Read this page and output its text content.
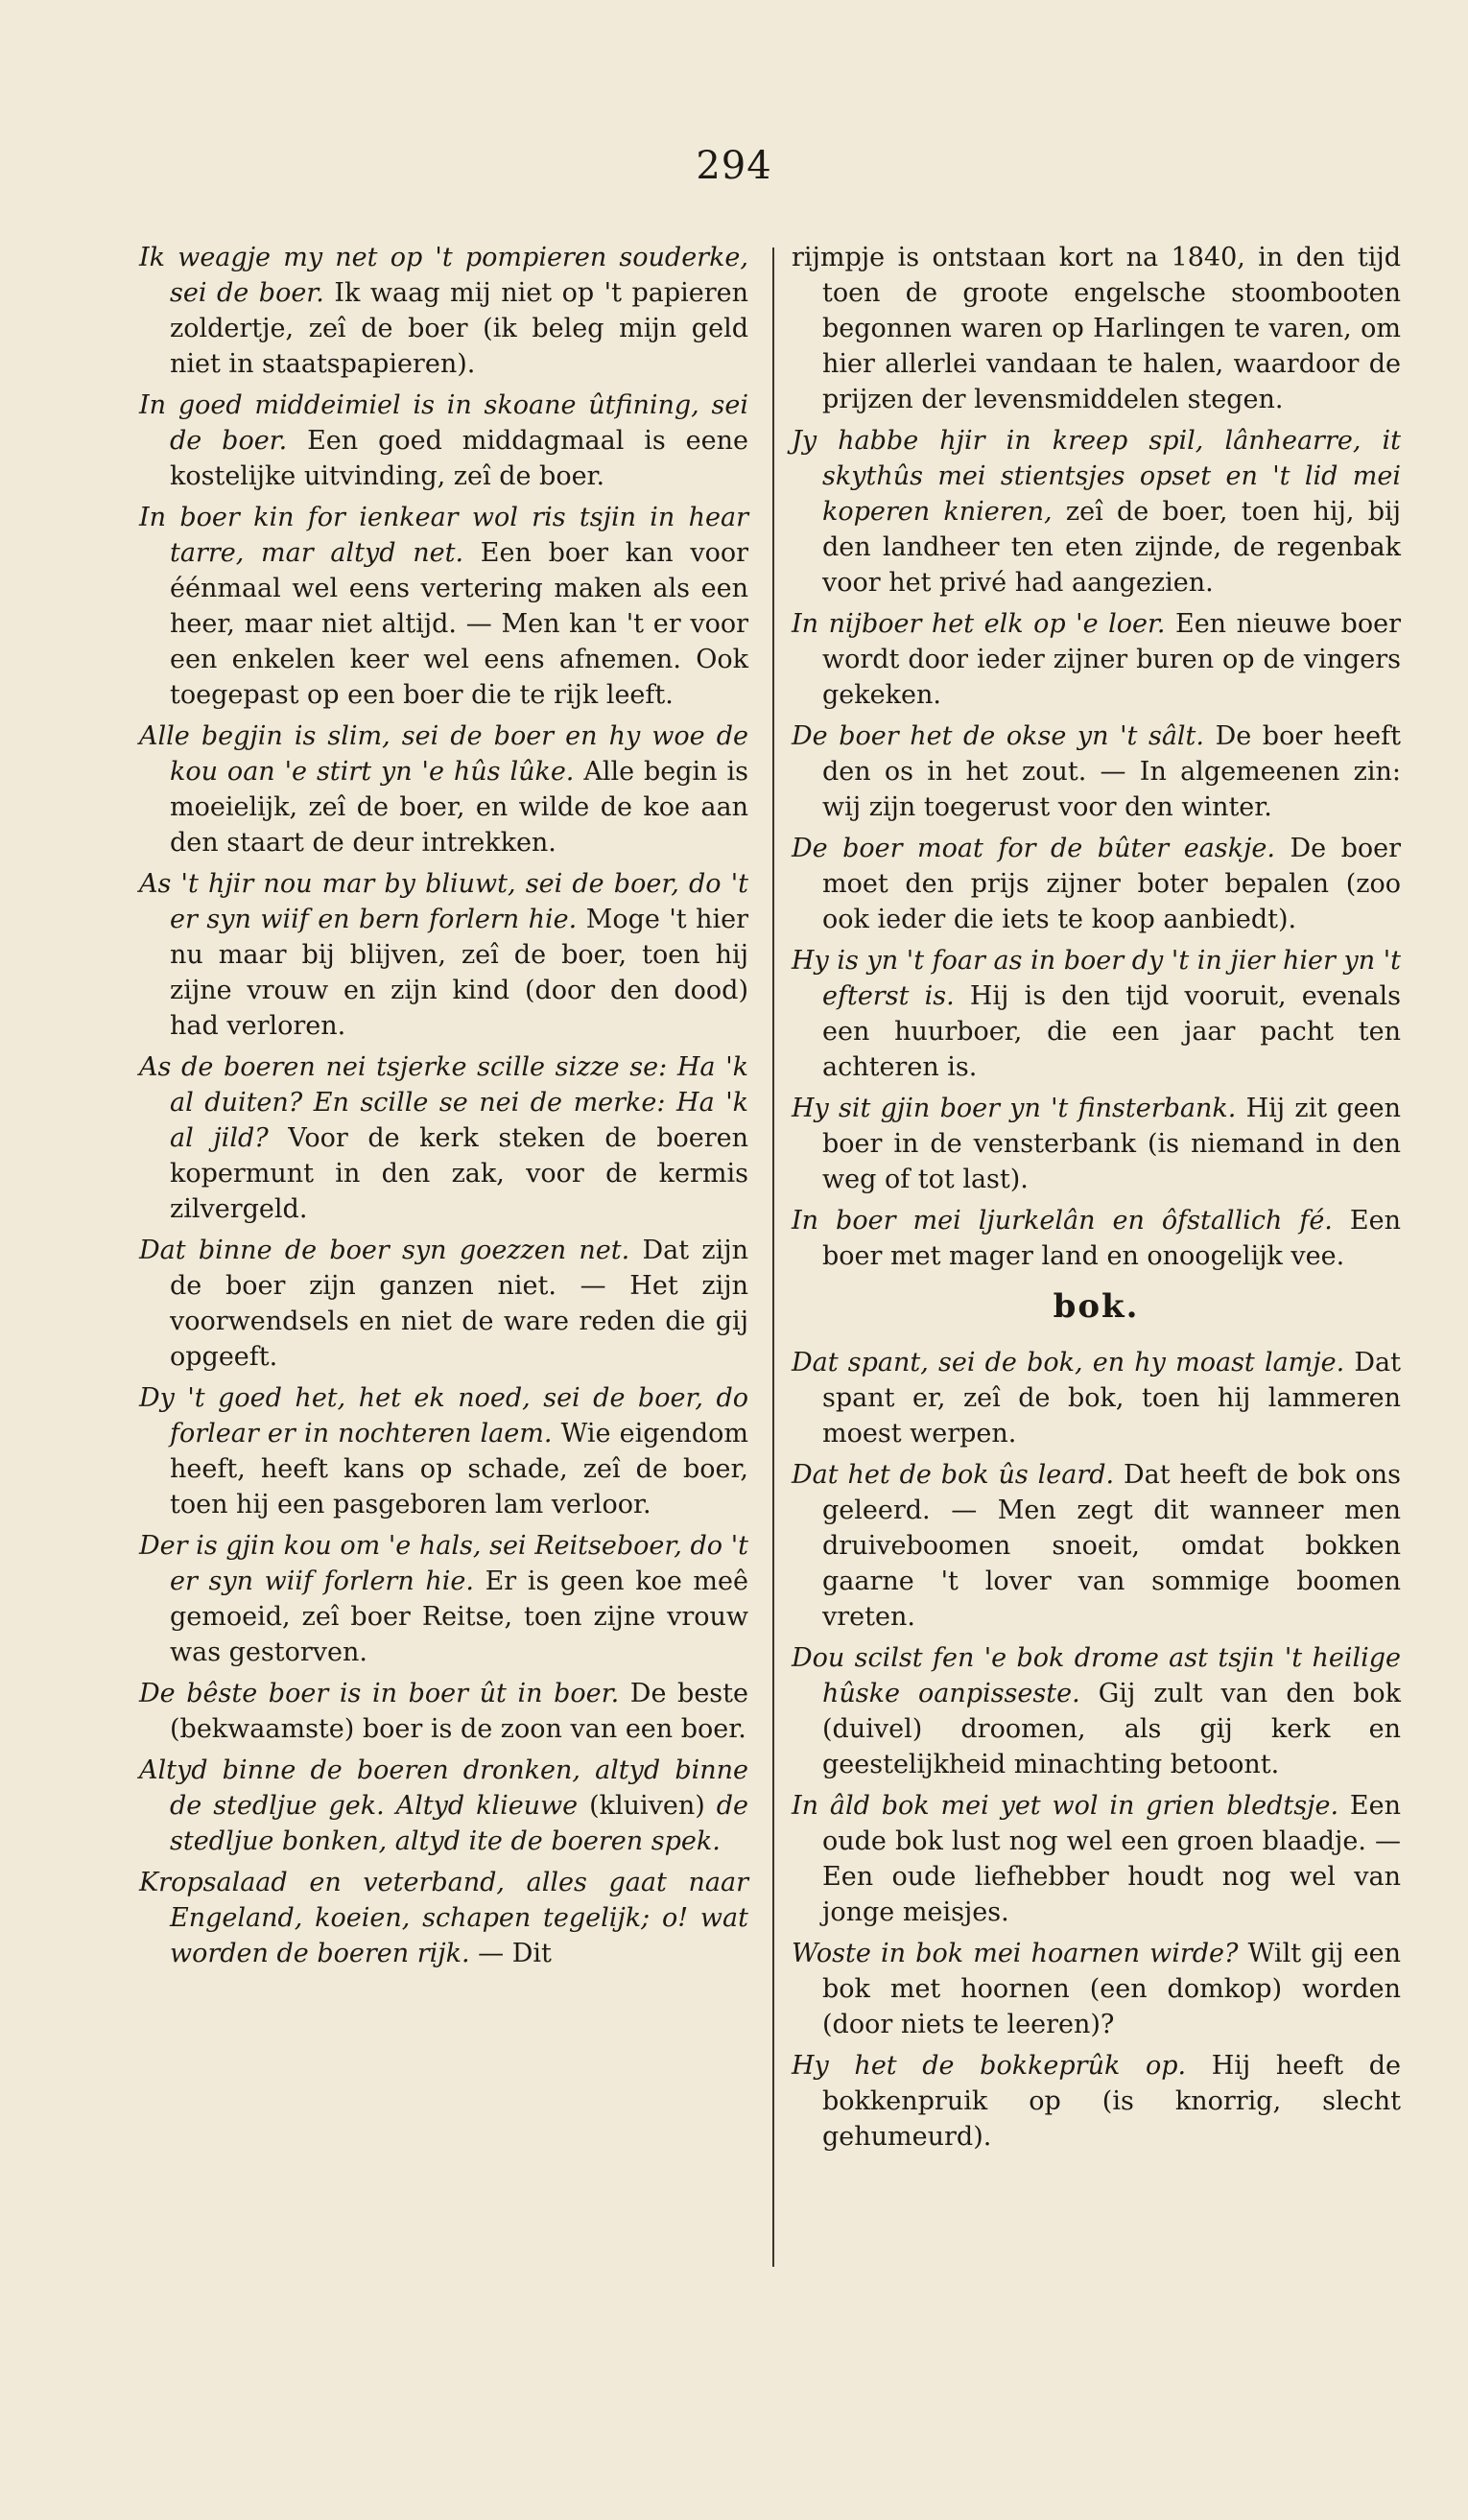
294
Ik weagje my net op 't pompieren souderke, sei de boer. Ik waag mij niet op 't papieren zoldertje, zeî de boer (ik beleg mijn geld niet in staatspapieren).
In goed middeimiel is in skoane ûtfining, sei de boer. Een goed middagmaal is eene kostelijke uitvinding, zeî de boer.
In boer kin for ienkear wol ris tsjin in hear tarre, mar altyd net. Een boer kan voor éénmaal wel eens vertering maken als een heer, maar niet altijd. — Men kan 't er voor een enkelen keer wel eens afnemen. Ook toegepast op een boer die te rijk leeft.
Alle begjin is slim, sei de boer en hy woe de kou oan 'e stirt yn 'e hûs lûke. Alle begin is moeielijk, zeî de boer, en wilde de koe aan den staart de deur intrekken.
As 't hjir nou mar by bliuwt, sei de boer, do 't er syn wiif en bern forlern hie. Moge 't hier nu maar bij blijven, zeî de boer, toen hij zijne vrouw en zijn kind (door den dood) had verloren.
As de boeren nei tsjerke scille sizze se: Ha 'k al duiten? En scille se nei de merke: Ha 'k al jild? Voor de kerk steken de boeren kopermunt in den zak, voor de kermis zilvergeld.
Dat binne de boer syn goezzen net. Dat zijn de boer zijn ganzen niet. — Het zijn voorwendsels en niet de ware reden die gij opgeeft.
Dy 't goed het, het ek noed, sei de boer, do forlear er in nochteren laem. Wie eigendom heeft, heeft kans op schade, zeî de boer, toen hij een pasgeboren lam verloor.
Der is gjin kou om 'e hals, sei Reitseboer, do 't er syn wiif forlern hie. Er is geen koe meê gemoeid, zeî boer Reitse, toen zijne vrouw was gestorven.
De bêste boer is in boer ût in boer. De beste (bekwaamste) boer is de zoon van een boer.
Altyd binne de boeren dronken, altyd binne de stedljue gek. Altyd klieuwe (kluiven) de stedljue bonken, altyd ite de boeren spek.
Kropsalaad en veterband, alles gaat naar Engeland, koeien, schapen tegelijk; o! wat worden de boeren rijk. — Dit
rijmpje is ontstaan kort na 1840, in den tijd toen de groote engelsche stoombooten begonnen waren op Harlingen te varen, om hier allerlei vandaan te halen, waardoor de prijzen der levensmiddelen stegen.
Jy habbe hjir in kreep spil, lânhearre, it skythûs mei stientsjes opset en 't lid mei koperen knieren, zeî de boer, toen hij, bij den landheer ten eten zijnde, de regenbak voor het privé had aangezien.
In nijboer het elk op 'e loer. Een nieuwe boer wordt door ieder zijner buren op de vingers gekeken.
De boer het de okse yn 't sâlt. De boer heeft den os in het zout. — In algemeenen zin: wij zijn toegerust voor den winter.
De boer moat for de bûter easkje. De boer moet den prijs zijner boter bepalen (zoo ook ieder die iets te koop aanbiedt).
Hy is yn 't foar as in boer dy 't in jier hier yn 't efterst is. Hij is den tijd vooruit, evenals een huurboer, die een jaar pacht ten achteren is.
Hy sit gjin boer yn 't finsterbank. Hij zit geen boer in de vensterbank (is niemand in den weg of tot last).
In boer mei ljurkelân en ôfstallich fé. Een boer met mager land en onoogelijk vee.
bok.
Dat spant, sei de bok, en hy moast lamje. Dat spant er, zeî de bok, toen hij lammeren moest werpen.
Dat het de bok ûs leard. Dat heeft de bok ons geleerd. — Men zegt dit wanneer men druiveboomen snoeit, omdat bokken gaarne 't lover van sommige boomen vreten.
Dou scilst fen 'e bok drome ast tsjin 't heilige hûske oanpisseste. Gij zult van den bok (duivel) droomen, als gij kerk en geestelijkheid minachting betoont.
In âld bok mei yet wol in grien bledtsje. Een oude bok lust nog wel een groen blaadje. — Een oude liefhebber houdt nog wel van jonge meisjes.
Woste in bok mei hoarnen wirde? Wilt gij een bok met hoornen (een domkop) worden (door niets te leeren)?
Hy het de bokkeprûk op. Hij heeft de bokkenpruik op (is knorrig, slecht gehumeurd).
